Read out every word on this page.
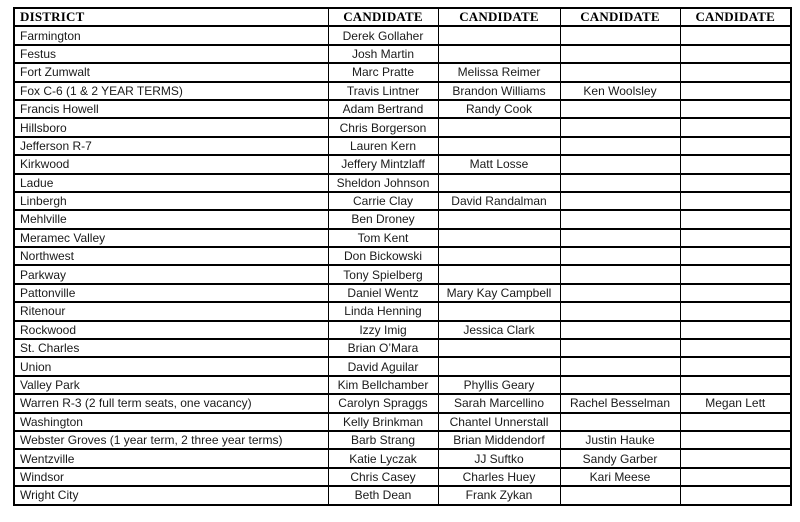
DISTRICT	CANDIDATE	CANDIDATE	CANDIDATE	CANDIDATE
Farmington	Derek Gollaher			
Festus	Josh Martin			
Fort Zumwalt	Marc Pratte	Melissa Reimer		
Fox C-6 (1 & 2 YEAR TERMS)	Travis Lintner	Brandon Williams	Ken Woolsley	
Francis Howell	Adam Bertrand	Randy Cook		
Hillsboro	Chris Borgerson			
Jefferson R-7	Lauren Kern			
Kirkwood	Jeffery Mintzlaff	Matt Losse		
Ladue	Sheldon Johnson			
Linbergh	Carrie Clay	David Randalman		
Mehlville	Ben Droney			
Meramec Valley	Tom Kent			
Northwest	Don Bickowski			
Parkway	Tony Spielberg			
Pattonville	Daniel Wentz	Mary Kay Campbell		
Ritenour	Linda Henning			
Rockwood	Izzy Imig	Jessica Clark		
St. Charles	Brian O’Mara			
Union	David Aguilar			
Valley Park	Kim Bellchamber	Phyllis Geary		
Warren R-3 (2 full term seats, one vacancy)	Carolyn Spraggs	Sarah Marcellino	Rachel Besselman	Megan Lett
Washington	Kelly Brinkman	Chantel Unnerstall		
Webster Groves (1 year term, 2 three year terms)	Barb Strang	Brian Middendorf	Justin Hauke	
Wentzville	Katie Lyczak	JJ Suftko	Sandy Garber	
Windsor	Chris Casey	Charles Huey	Kari Meese	
Wright City	Beth Dean	Frank Zykan		
